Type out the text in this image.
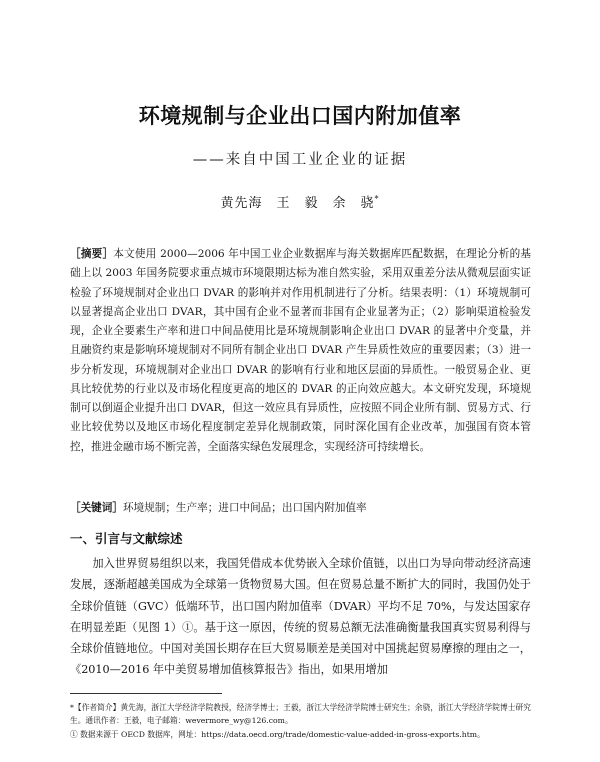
环境规制与企业出口国内附加值率
——来自中国工业企业的证据
黄先海 王　毅 余　骁*
［摘要］本文使用 2000—2006 年中国工业企业数据库与海关数据库匹配数据，在理论分析的基础上以 2003 年国务院要求重点城市环境限期达标为准自然实验，采用双重差分法从微观层面实证检验了环境规制对企业出口 DVAR 的影响并对作用机制进行了分析。结果表明：（1）环境规制可以显著提高企业出口 DVAR，其中国有企业不显著而非国有企业显著为正；（2）影响渠道检验发现，企业全要素生产率和进口中间品使用比是环境规制影响企业出口 DVAR 的显著中介变量，并且融资约束是影响环境规制对不同所有制企业出口 DVAR 产生异质性效应的重要因素；（3）进一步分析发现，环境规制对企业出口 DVAR 的影响有行业和地区层面的异质性。一般贸易企业、更具比较优势的行业以及市场化程度更高的地区的 DVAR 的正向效应越大。本文研究发现，环境规制可以倒逼企业提升出口 DVAR，但这一效应具有异质性，应按照不同企业所有制、贸易方式、行业比较优势以及地区市场化程度制定差异化规制政策，同时深化国有企业改革，加强国有资本管控，推进金融市场不断完善，全面落实绿色发展理念，实现经济可持续增长。
［关键词］环境规制；生产率；进口中间品；出口国内附加值率
一、引言与文献综述
加入世界贸易组织以来，我国凭借成本优势嵌入全球价值链，以出口为导向带动经济高速发展，逐渐超越美国成为全球第一货物贸易大国。但在贸易总量不断扩大的同时，我国仍处于全球价值链（GVC）低端环节，出口国内附加值率（DVAR）平均不足 70%，与发达国家存在明显差距（见图 1）①。基于这一原因，传统的贸易总额无法准确衡量我国真实贸易利得与全球价值链地位。中国对美国长期存在巨大贸易顺差是美国对中国挑起贸易摩擦的理由之一，《2010—2016 年中美贸易增加值核算报告》指出，如果用增加

*【作者简介】黄先海，浙江大学经济学院教授，经济学博士；王毅，浙江大学经济学院博士研究生；余骁，浙江大学经济学院博士研究生。通讯作者：王毅，电子邮箱：wevermore_wy@126.com。

① 数据来源于 OECD 数据库，网址：https://data.oecd.org/trade/domestic-value-added-in-gross-exports.htm。
